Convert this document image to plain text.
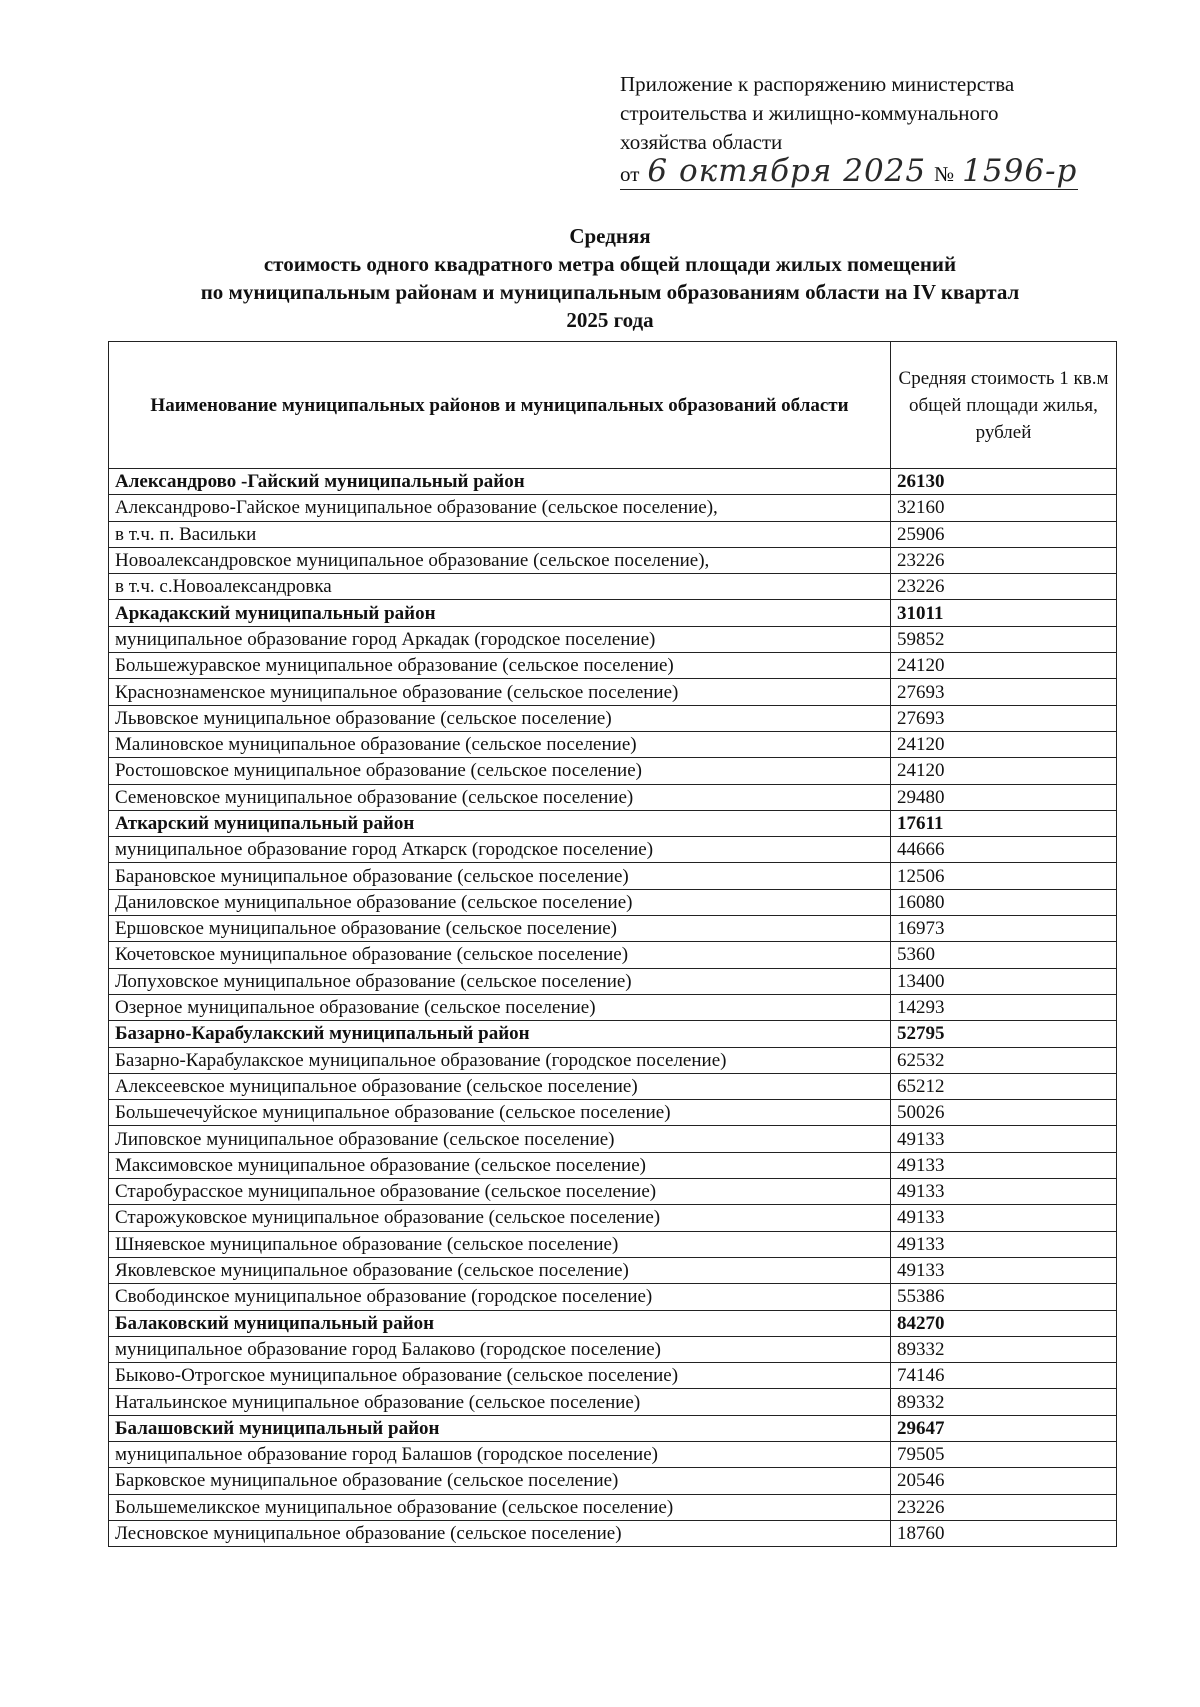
Приложение к распоряжению министерства
строительства и жилищно-коммунального
хозяйства области
от 6 октября 2025 № 1596-р
Средняя
стоимость одного квадратного метра общей площади жилых помещений
по муниципальным районам и муниципальным образованиям области на IV квартал
2025 года
Наименование муниципальных районов и муниципальных образований области	Средняя стоимость 1 кв.м общей площади жилья, рублей
Александрово -Гайский муниципальный район	26130
Александрово-Гайское муниципальное образование (сельское поселение),	32160
в т.ч. п. Васильки	25906
Новоалександровское муниципальное образование (сельское поселение),	23226
в т.ч. с.Новоалександровка	23226
Аркадакский муниципальный район	31011
муниципальное образование город Аркадак (городское поселение)	59852
Большежуравское муниципальное образование (сельское поселение)	24120
Краснознаменское муниципальное образование (сельское поселение)	27693
Львовское муниципальное образование (сельское поселение)	27693
Малиновское муниципальное образование (сельское поселение)	24120
Ростошовское муниципальное образование (сельское поселение)	24120
Семеновское муниципальное образование (сельское поселение)	29480
Аткарский муниципальный район	17611
муниципальное образование город Аткарск (городское поселение)	44666
Барановское муниципальное образование (сельское поселение)	12506
Даниловское муниципальное образование (сельское поселение)	16080
Ершовское муниципальное образование (сельское поселение)	16973
Кочетовское муниципальное образование (сельское поселение)	5360
Лопуховское муниципальное образование (сельское поселение)	13400
Озерное муниципальное образование (сельское поселение)	14293
Базарно-Карабулакский муниципальный район	52795
Базарно-Карабулакское муниципальное образование (городское поселение)	62532
Алексеевское муниципальное образование (сельское поселение)	65212
Большечечуйское муниципальное образование (сельское поселение)	50026
Липовское муниципальное образование (сельское поселение)	49133
Максимовское муниципальное образование (сельское поселение)	49133
Старобурасское муниципальное образование (сельское поселение)	49133
Старожуковское муниципальное образование (сельское поселение)	49133
Шняевское муниципальное образование (сельское поселение)	49133
Яковлевское муниципальное образование (сельское поселение)	49133
Свободинское муниципальное образование (городское поселение)	55386
Балаковский муниципальный район	84270
муниципальное образование город Балаково (городское поселение)	89332
Быково-Отрогское муниципальное образование (сельское поселение)	74146
Натальинское муниципальное образование (сельское поселение)	89332
Балашовский муниципальный район	29647
муниципальное образование город Балашов (городское поселение)	79505
Барковское муниципальное образование (сельское поселение)	20546
Большемеликское муниципальное образование (сельское поселение)	23226
Лесновское муниципальное образование (сельское поселение)	18760
